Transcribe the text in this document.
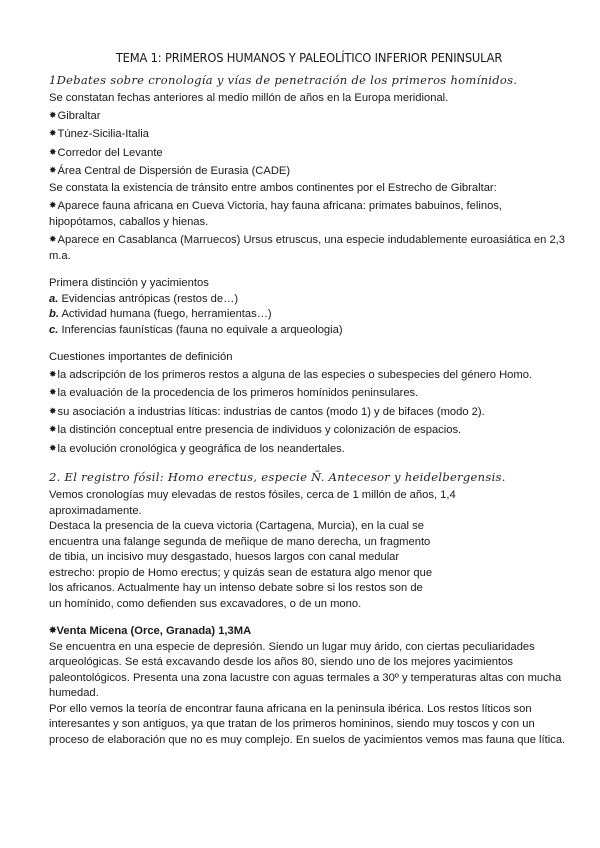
TEMA 1: PRIMEROS HUMANOS Y PALEOLÍTICO INFERIOR PENINSULAR
1Debates sobre cronología y vías de penetración de los primeros homínidos.

Se constatan fechas anteriores al medio millón de años en la Europa meridional.

✸ Gibraltar
✸ Túnez-Sicilia-Italia
✸ Corredor del Levante
✸ Área Central de Dispersión de Eurasia (CADE)

Se constata la existencia de tránsito entre ambos continentes por el Estrecho de Gibraltar:

✸ Aparece fauna africana en Cueva Victoria, hay fauna africana: primates babuinos, felinos, hipopótamos, caballos y hienas.
✸ Aparece en Casablanca (Marruecos) Ursus etruscus, una especie indudablemente euroasiática en 2,3 m.a.

Primera distinción y yacimientos

a. Evidencias antrópicas (restos de…)

b. Actividad humana (fuego, herramientas…)

c. Inferencias faunísticas (fauna no equivale a arqueologia)

Cuestiones importantes de definición

✸ la adscripción de los primeros restos a alguna de las especies o subespecies del género Homo.
✸ la evaluación de la procedencia de los primeros homínidos peninsulares.
✸ su asociación a industrias líticas: industrias de cantos (modo 1) y de bifaces (modo 2).
✸ la distinción conceptual entre presencia de individuos y colonización de espacios.
✸ la evolución cronológica y geográfica de los neandertales.
2. El registro fósil: Homo erectus, especie Ñ. Antecesor y heidelbergensis.

Vemos cronologías muy elevadas de restos fósiles, cerca de 1 millón de años, 1,4 aproximadamente.

Destaca la presencia de la cueva victoria (Cartagena, Murcia), en la cual se encuentra una falange segunda de meñique de mano derecha, un fragmento de tibia, un incisivo muy desgastado, huesos largos con canal medular estrecho: propio de Homo erectus; y quizás sean de estatura algo menor que los africanos. Actualmente hay un intenso debate sobre si los restos son de un homínido, como defienden sus excavadores, o de un mono.

✸ Venta Micena (Orce, Granada) 1,3MA

Se encuentra en una especie de depresión. Siendo un lugar muy árido, con ciertas peculiaridades arqueológicas. Se está excavando desde los años 80, siendo uno de los mejores yacimientos paleontológicos. Presenta una zona lacustre con aguas termales a 30º y temperaturas altas con mucha humedad.

Por ello vemos la teoría de encontrar fauna africana en la peninsula ibérica. Los restos líticos son interesantes y son antiguos, ya que tratan de los primeros homininos, siendo muy toscos y con un proceso de elaboración que no es muy complejo. En suelos de yacimientos vemos mas fauna que lítica.
